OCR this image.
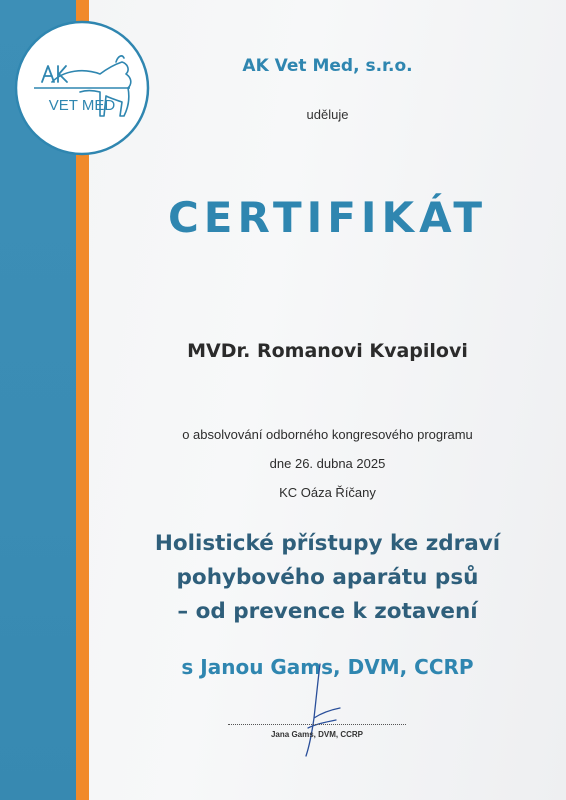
VET MED
AK Vet Med, s.r.o.
uděluje
CERTIFIKÁT
MVDr. Romanovi Kvapilovi
o absolvování odborného kongresového programu
dne 26. dubna 2025
KC Oáza Říčany
Holistické přístupy ke zdraví
pohybového aparátu psů
– od prevence k zotavení
s Janou Gams, DVM, CCRP
Jana Gams, DVM, CCRP
